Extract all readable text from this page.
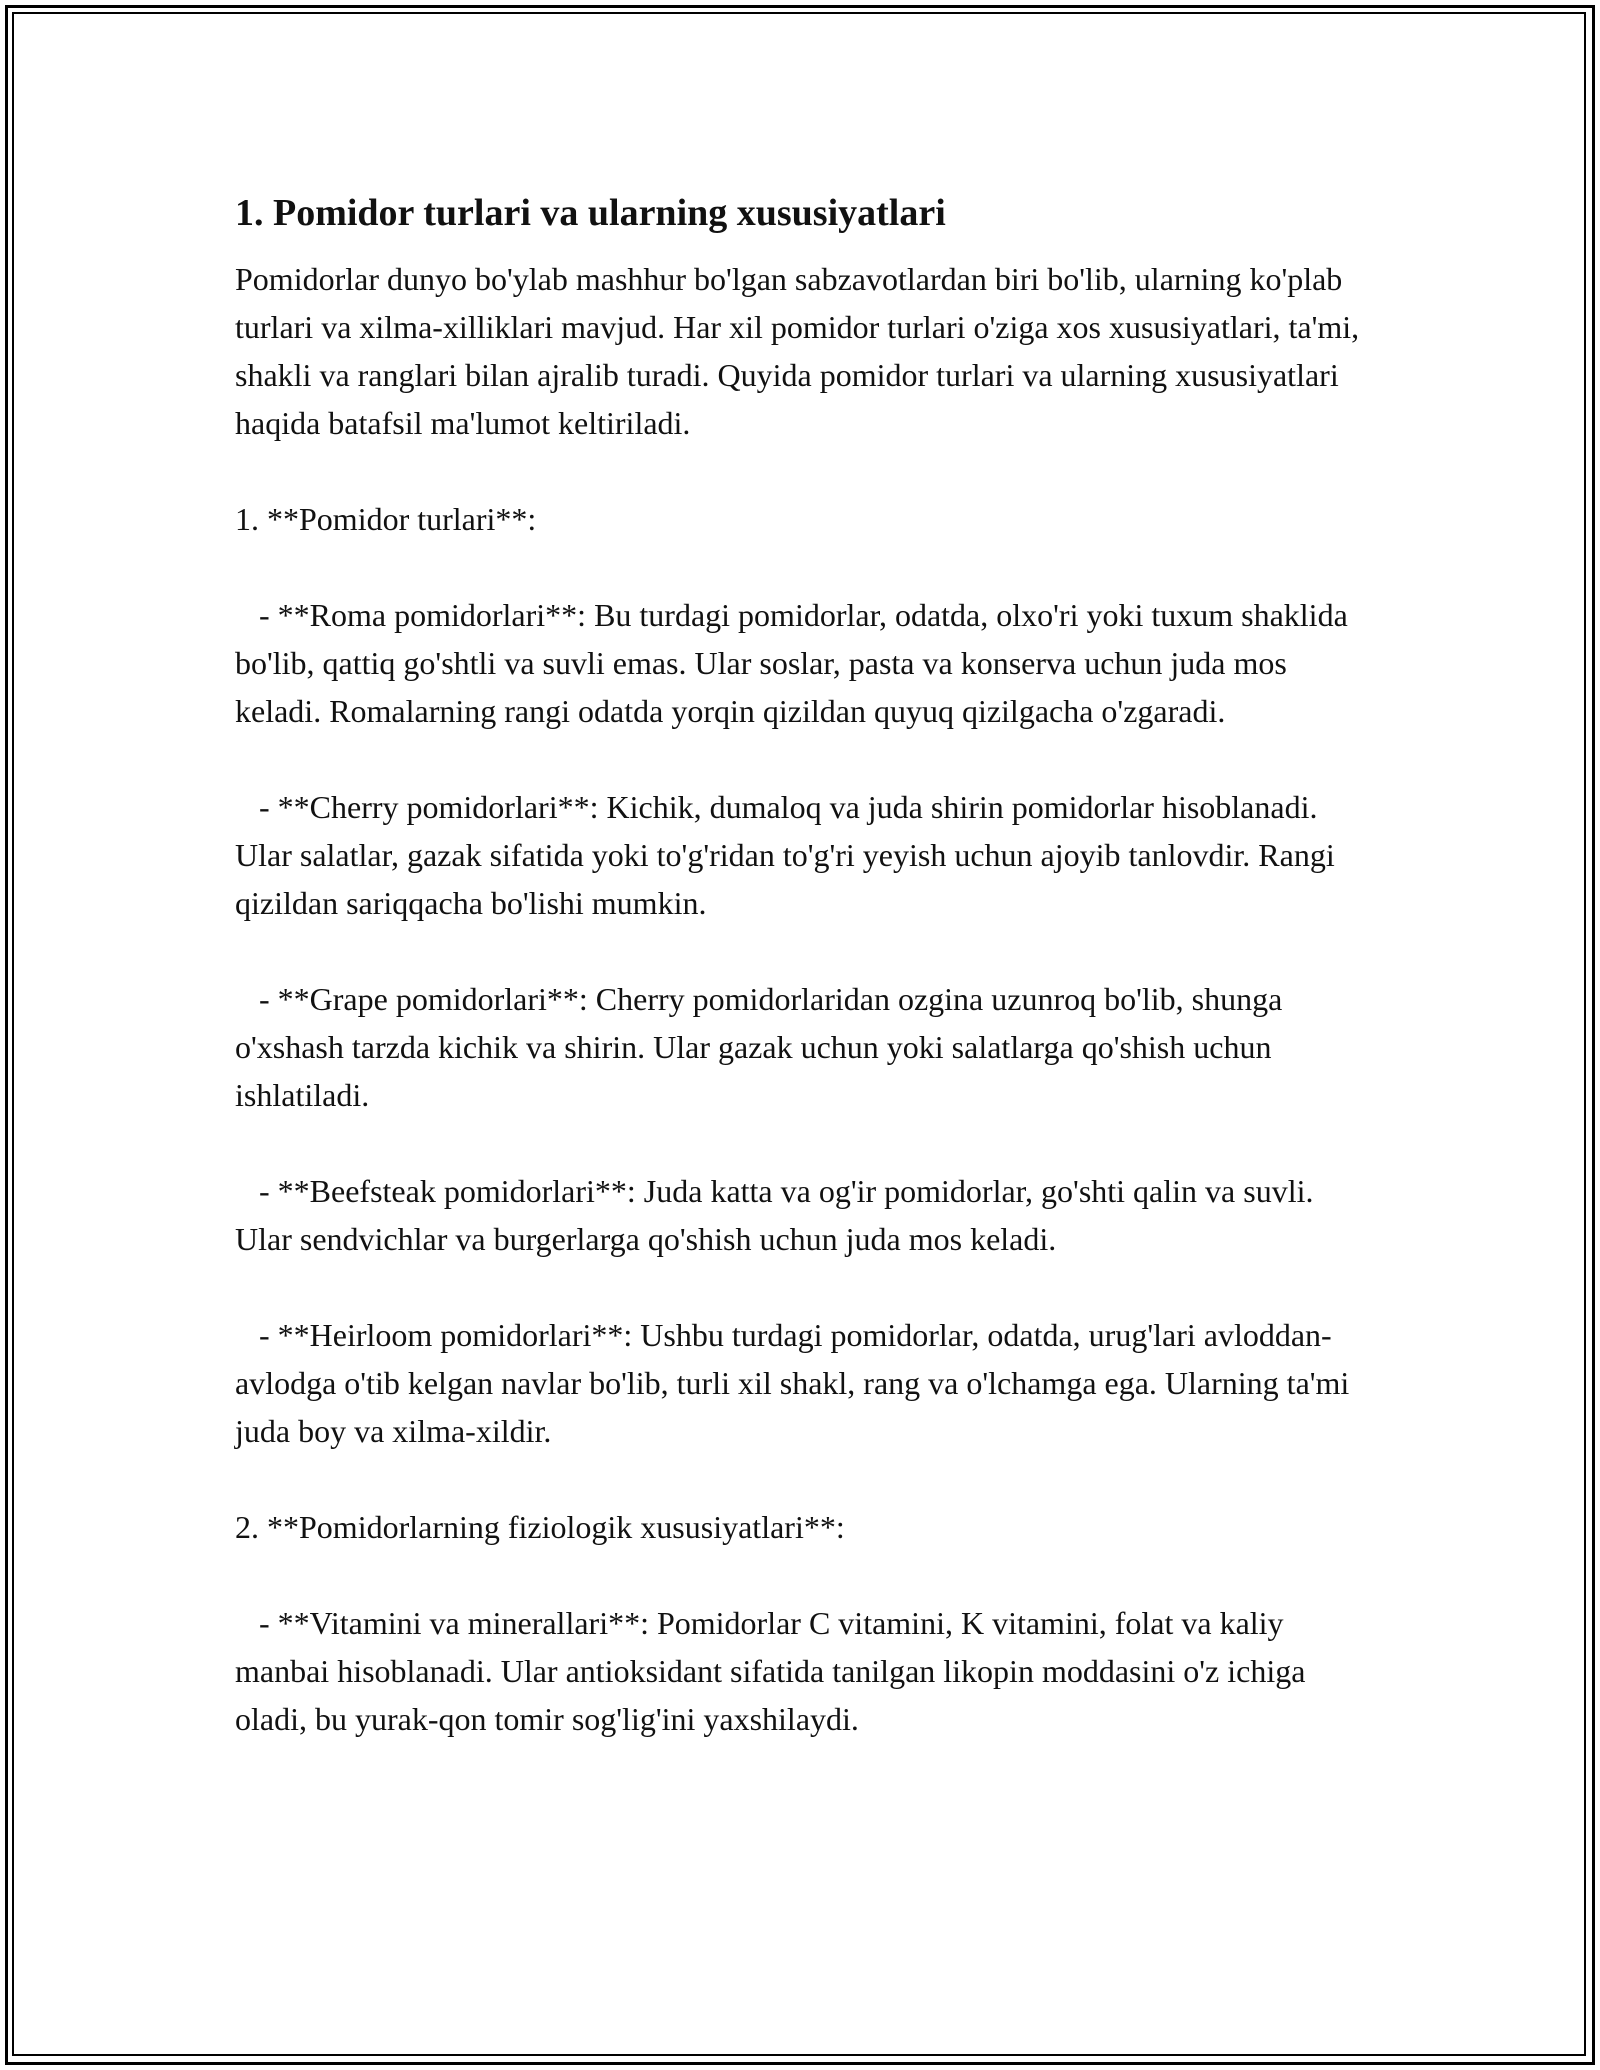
1. Pomidor turlari va ularning xususiyatlari

Pomidorlar dunyo bo'ylab mashhur bo'lgan sabzavotlardan biri bo'lib, ularning ko'plab turlari va xilma-xilliklari mavjud. Har xil pomidor turlari o'ziga xos xususiyatlari, ta'mi, shakli va ranglari bilan ajralib turadi. Quyida pomidor turlari va ularning xususiyatlari haqida batafsil ma'lumot keltiriladi.

1. **Pomidor turlari**:

- **Roma pomidorlari**: Bu turdagi pomidorlar, odatda, olxo'ri yoki tuxum shaklida bo'lib, qattiq go'shtli va suvli emas. Ular soslar, pasta va konserva uchun juda mos keladi. Romalarning rangi odatda yorqin qizildan quyuq qizilgacha o'zgaradi.

- **Cherry pomidorlari**: Kichik, dumaloq va juda shirin pomidorlar hisoblanadi. Ular salatlar, gazak sifatida yoki to'g'ridan to'g'ri yeyish uchun ajoyib tanlovdir. Rangi qizildan sariqqacha bo'lishi mumkin.

- **Grape pomidorlari**: Cherry pomidorlaridan ozgina uzunroq bo'lib, shunga o'xshash tarzda kichik va shirin. Ular gazak uchun yoki salatlarga qo'shish uchun ishlatiladi.

- **Beefsteak pomidorlari**: Juda katta va og'ir pomidorlar, go'shti qalin va suvli. Ular sendvichlar va burgerlarga qo'shish uchun juda mos keladi.

- **Heirloom pomidorlari**: Ushbu turdagi pomidorlar, odatda, urug'lari avloddan-avlodga o'tib kelgan navlar bo'lib, turli xil shakl, rang va o'lchamga ega. Ularning ta'mi juda boy va xilma-xildir.

2. **Pomidorlarning fiziologik xususiyatlari**:

- **Vitamini va minerallari**: Pomidorlar C vitamini, K vitamini, folat va kaliy manbai hisoblanadi. Ular antioksidant sifatida tanilgan likopin moddasini o'z ichiga oladi, bu yurak-qon tomir sog'lig'ini yaxshilaydi.
